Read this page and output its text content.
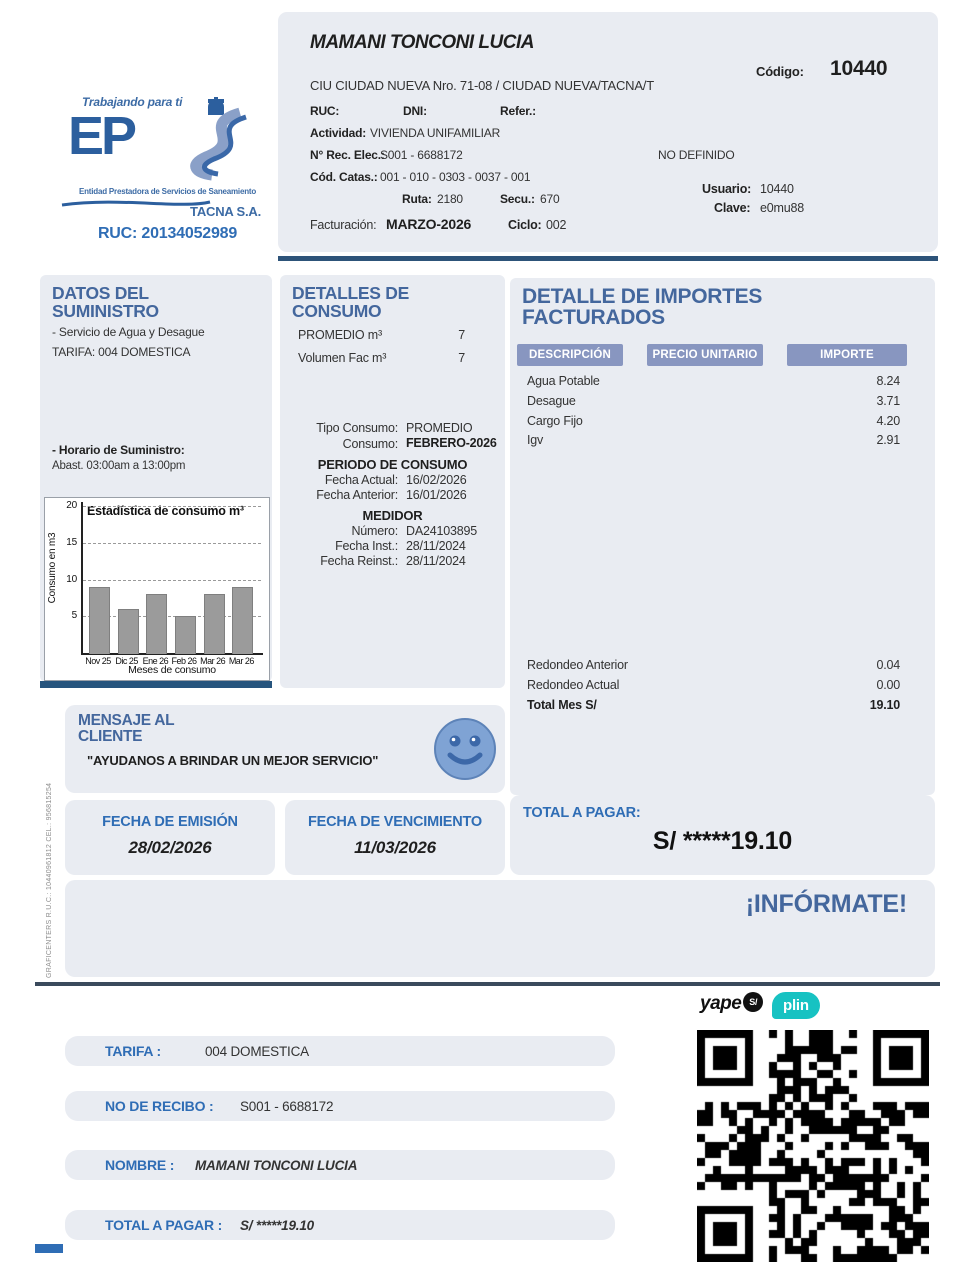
Trabajando para ti
EP
Entidad Prestadora de Servicios de Saneamiento
TACNA S.A.
RUC: 20134052989
MAMANI TONCONI LUCIA
Código: 10440
CIU CIUDAD NUEVA Nro. 71-08 / CIUDAD NUEVA/TACNA/T
RUC:	DNI:	Refer.:
Actividad: VIVIENDA UNIFAMILIAR
N° Rec. Elec.:
S001 - 6688172	NO DEFINIDO
Cód. Catas.: 001 - 010 - 0303 - 0037 - 001
Ruta: 2180	Secu.: 670
Usuario: 10440
Clave: e0mu88
Facturación: MARZO-2026	Ciclo: 002
DATOS DEL SUMINISTRO
- Servicio de Agua y Desague
TARIFA: 004 DOMESTICA
- Horario de Suministro:
Abast. 03:00am a 13:00pm
Estadística de consumo m³
Consumo en m3
5
10
15
20
Nov 25 Dic 25 Ene 26 Feb 26 Mar 26 Mar 26
Meses de consumo
DETALLES DE CONSUMO
PROMEDIO m³	7
Volumen Fac m³	7
Tipo Consumo: PROMEDIO
Consumo: FEBRERO-2026
PERIODO DE CONSUMO
Fecha Actual: 16/02/2026
Fecha Anterior: 16/01/2026
MEDIDOR
Número: DA24103895
Fecha Inst.: 28/11/2024
Fecha Reinst.: 28/11/2024
DETALLE DE IMPORTES FACTURADOS
DESCRIPCIÓN	PRECIO UNITARIO	IMPORTE
Agua Potable	8.24
Desague	3.71
Cargo Fijo	4.20
Igv	2.91
Redondeo Anterior	0.04
Redondeo Actual	0.00
Total Mes S/	19.10
MENSAJE AL CLIENTE
"AYUDANOS A BRINDAR UN MEJOR SERVICIO"
FECHA DE EMISIÓN
28/02/2026
FECHA DE VENCIMIENTO
11/03/2026
TOTAL A PAGAR:
S/ *****19.10
¡INFÓRMATE!
GRAFICENTERS R.U.C.: 10440961812 CEL.: 956815254
yape S/	plin
TARIFA :	004 DOMESTICA
NO DE RECIBO : S001 - 6688172
NOMBRE : MAMANI TONCONI LUCIA
TOTAL A PAGAR : S/ *****19.10
